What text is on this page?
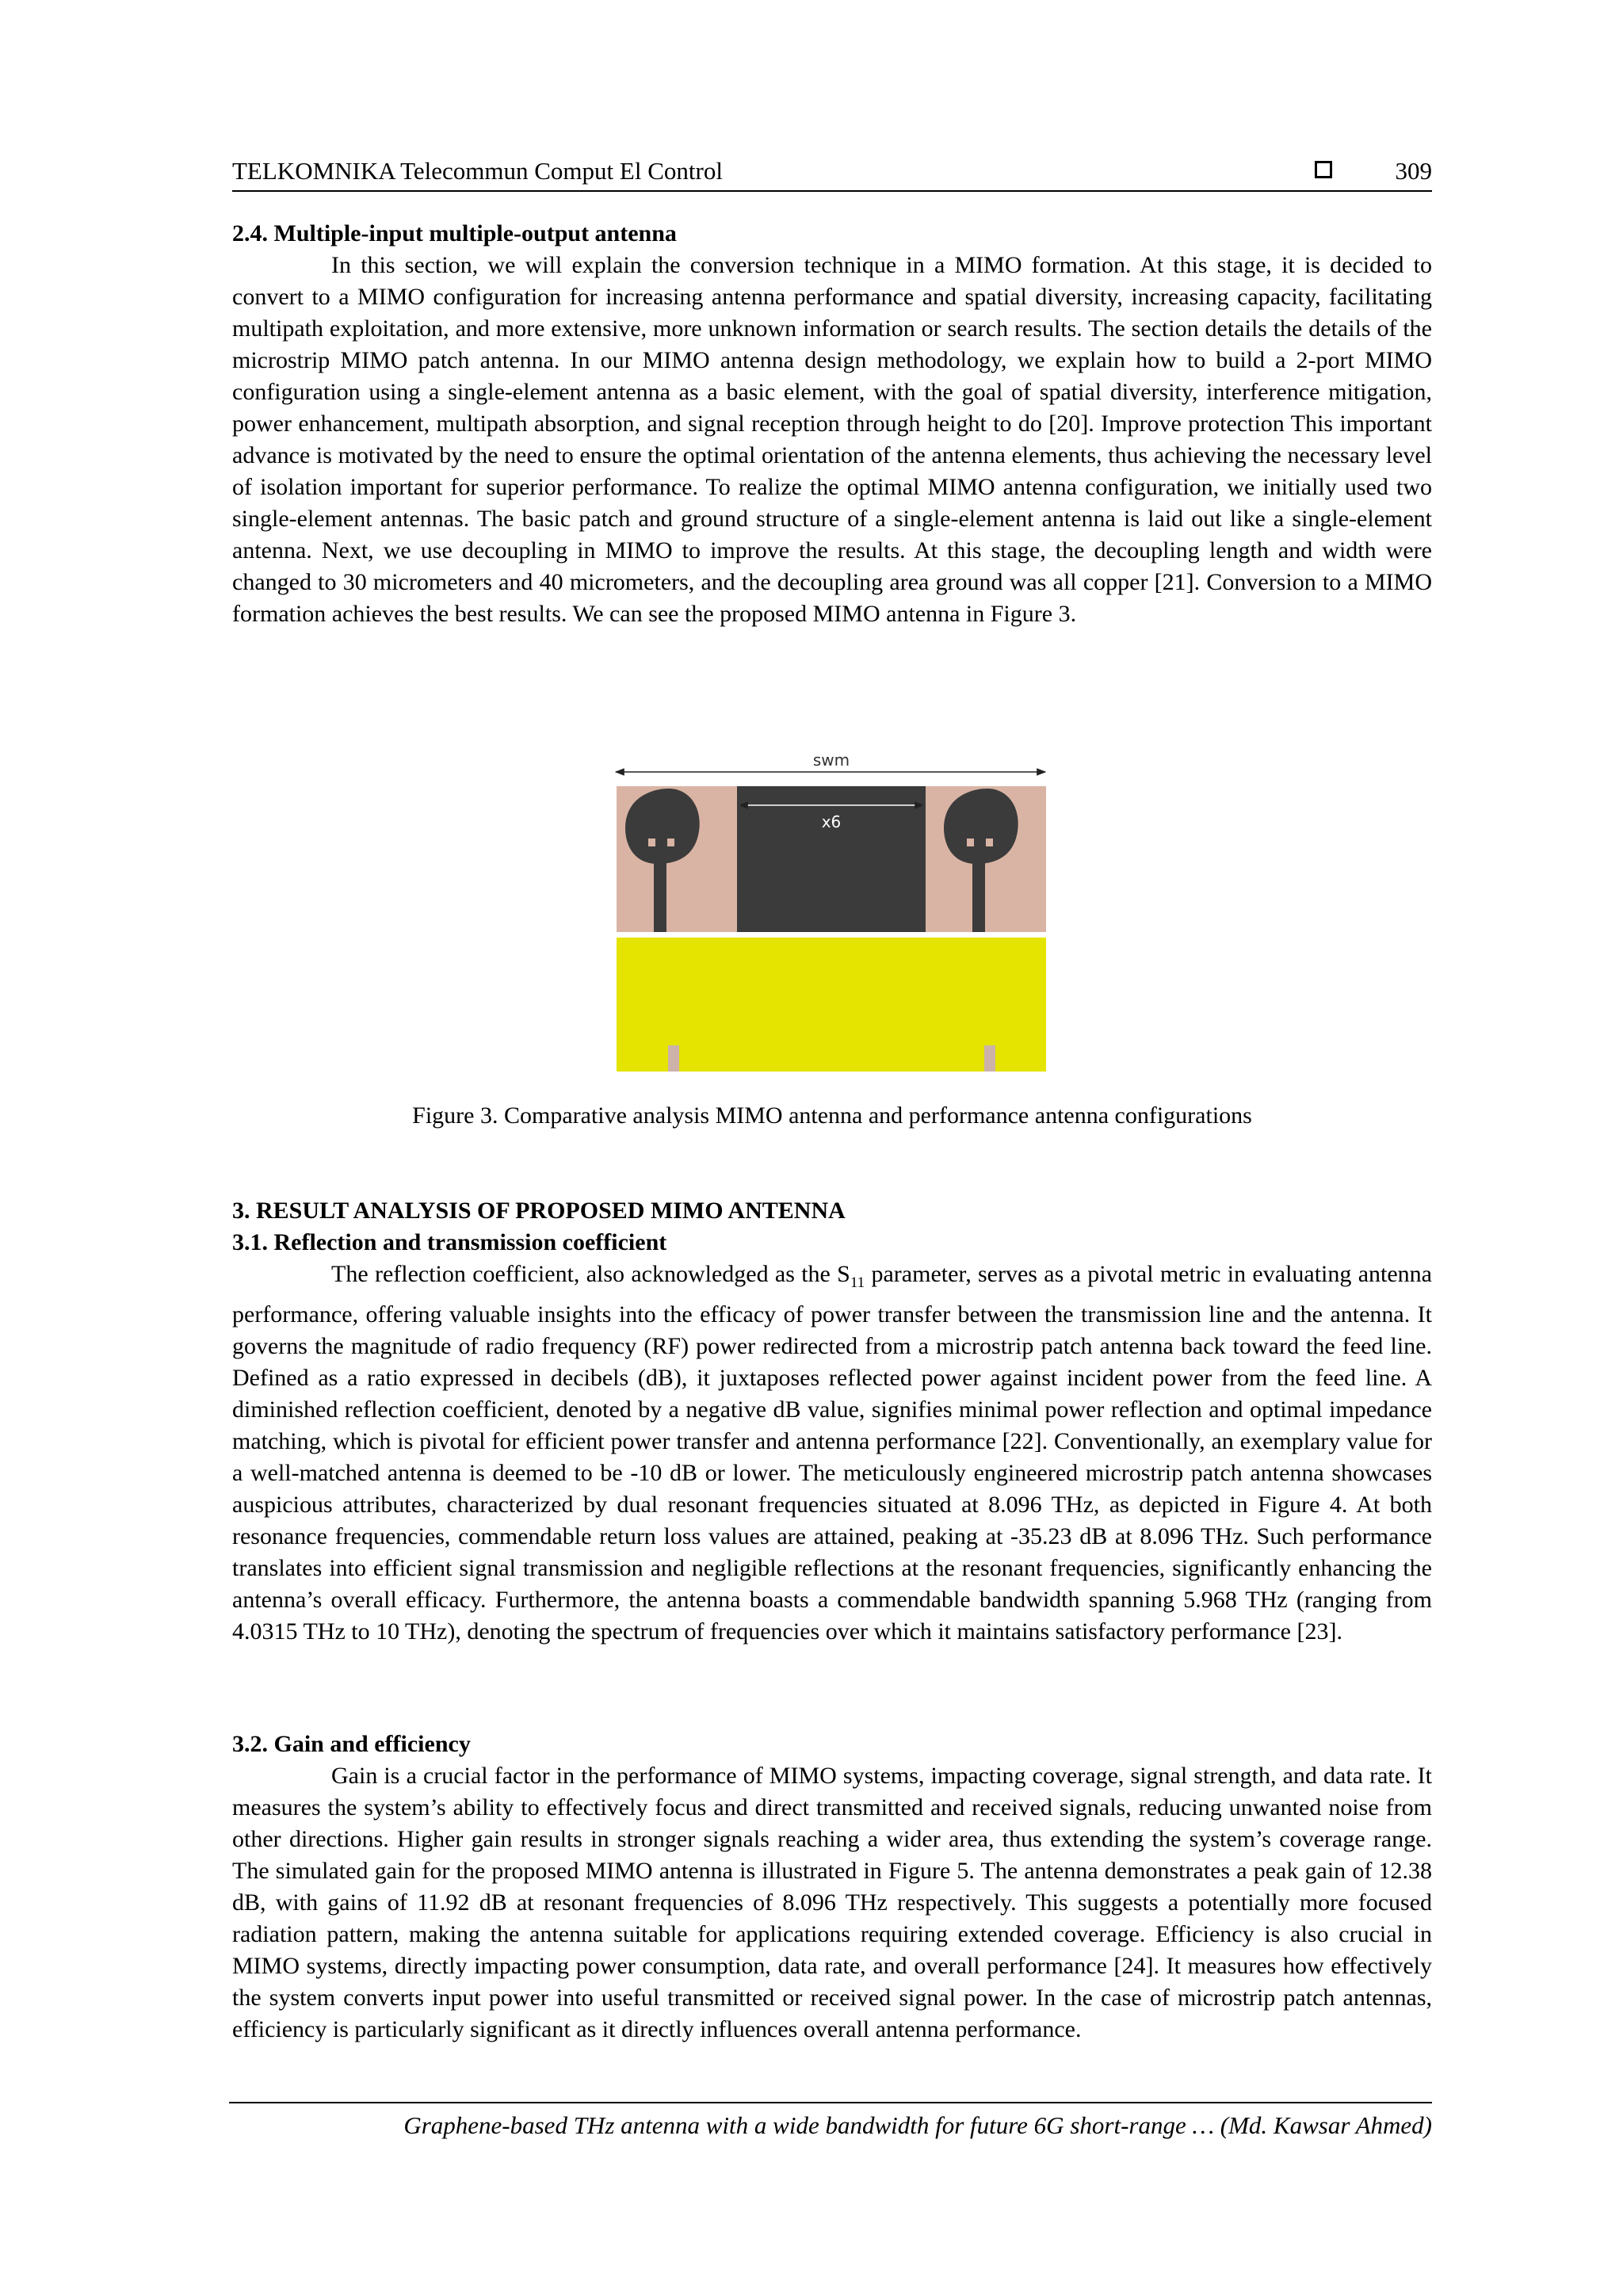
TELKOMNIKA Telecommun Comput El Control	309
2.4. Multiple-input multiple-output antenna
In this section, we will explain the conversion technique in a MIMO formation. At this stage, it is decided to convert to a MIMO configuration for increasing antenna performance and spatial diversity, increasing capacity, facilitating multipath exploitation, and more extensive, more unknown information or search results. The section details the details of the microstrip MIMO patch antenna. In our MIMO antenna design methodology, we explain how to build a 2-port MIMO configuration using a single-element antenna as a basic element, with the goal of spatial diversity, interference mitigation, power enhancement, multipath absorption, and signal reception through height to do [20]. Improve protection This important advance is motivated by the need to ensure the optimal orientation of the antenna elements, thus achieving the necessary level of isolation important for superior performance. To realize the optimal MIMO antenna configuration, we initially used two single-element antennas. The basic patch and ground structure of a single-element antenna is laid out like a single-element antenna. Next, we use decoupling in MIMO to improve the results. At this stage, the decoupling length and width were changed to 30 micrometers and 40 micrometers, and the decoupling area ground was all copper [21]. Conversion to a MIMO formation achieves the best results. We can see the proposed MIMO antenna in Figure 3.
swm
x6
Figure 3. Comparative analysis MIMO antenna and performance antenna configurations
3. RESULT ANALYSIS OF PROPOSED MIMO ANTENNA
3.1. Reflection and transmission coefficient
The reflection coefficient, also acknowledged as the $S_{11}$ parameter, serves as a pivotal metric in evaluating antenna performance, offering valuable insights into the efficacy of power transfer between the transmission line and the antenna. It governs the magnitude of radio frequency (RF) power redirected from a microstrip patch antenna back toward the feed line. Defined as a ratio expressed in decibels (dB), it juxtaposes reflected power against incident power from the feed line. A diminished reflection coefficient, denoted by a negative dB value, signifies minimal power reflection and optimal impedance matching, which is pivotal for efficient power transfer and antenna performance [22]. Conventionally, an exemplary value for a well-matched antenna is deemed to be -10 dB or lower. The meticulously engineered microstrip patch antenna showcases auspicious attributes, characterized by dual resonant frequencies situated at 8.096 THz, as depicted in Figure 4. At both resonance frequencies, commendable return loss values are attained, peaking at -35.23 dB at 8.096 THz. Such performance translates into efficient signal transmission and negligible reflections at the resonant frequencies, significantly enhancing the antenna’s overall efficacy. Furthermore, the antenna boasts a commendable bandwidth spanning 5.968 THz (ranging from 4.0315 THz to 10 THz), denoting the spectrum of frequencies over which it maintains satisfactory performance [23].
3.2. Gain and efficiency
Gain is a crucial factor in the performance of MIMO systems, impacting coverage, signal strength, and data rate. It measures the system’s ability to effectively focus and direct transmitted and received signals, reducing unwanted noise from other directions. Higher gain results in stronger signals reaching a wider area, thus extending the system’s coverage range. The simulated gain for the proposed MIMO antenna is illustrated in Figure 5. The antenna demonstrates a peak gain of 12.38 dB, with gains of 11.92 dB at resonant frequencies of 8.096 THz respectively. This suggests a potentially more focused radiation pattern, making the antenna suitable for applications requiring extended coverage. Efficiency is also crucial in MIMO systems, directly impacting power consumption, data rate, and overall performance [24]. It measures how effectively the system converts input power into useful transmitted or received signal power. In the case of microstrip patch antennas, efficiency is particularly significant as it directly influences overall antenna performance.
Graphene-based THz antenna with a wide bandwidth for future 6G short-range … (Md. Kawsar Ahmed)
